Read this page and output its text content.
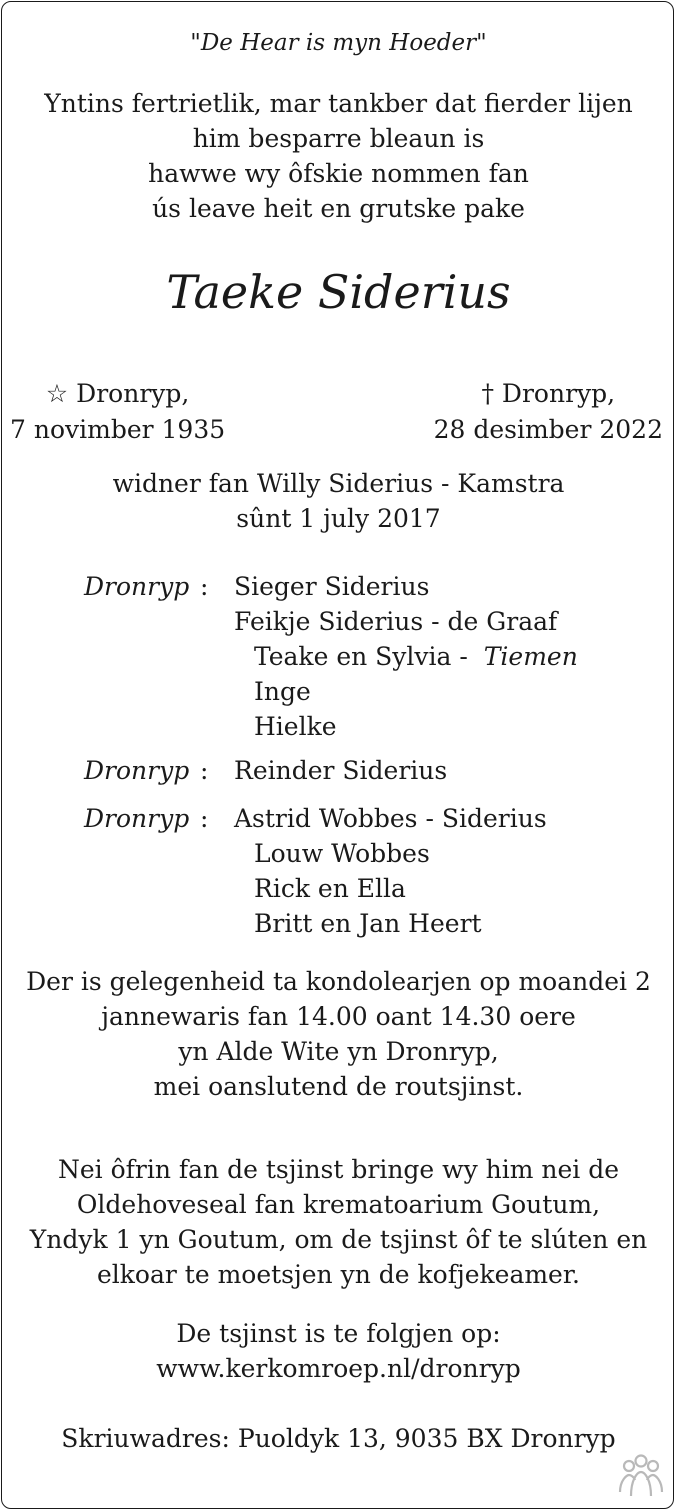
"De Hear is myn Hoeder"
Yntins fertrietlik, mar tankber dat fierder lijen
him besparre bleaun is
hawwe wy ôfskie nommen fan
ús leave heit en grutske pake
Taeke Siderius
☆ Dronryp,
7 novimber 1935
† Dronryp,
28 desimber 2022
widner fan Willy Siderius - Kamstra
sûnt 1 july 2017
Dronryp : Sieger Siderius
Feikje Siderius - de Graaf
Teake en Sylvia - Tiemen
Inge
Hielke
Dronryp : Reinder Siderius
Dronryp : Astrid Wobbes - Siderius
Louw Wobbes
Rick en Ella
Britt en Jan Heert
Der is gelegenheid ta kondolearjen op moandei 2
jannewaris fan 14.00 oant 14.30 oere
yn Alde Wite yn Dronryp,
mei oanslutend de routsjinst.
Nei ôfrin fan de tsjinst bringe wy him nei de
Oldehoveseal fan krematoarium Goutum,
Yndyk 1 yn Goutum, om de tsjinst ôf te slúten en
elkoar te moetsjen yn de kofjekeamer.
De tsjinst is te folgjen op:
www.kerkomroep.nl/dronryp
Skriuwadres: Puoldyk 13, 9035 BX Dronryp
